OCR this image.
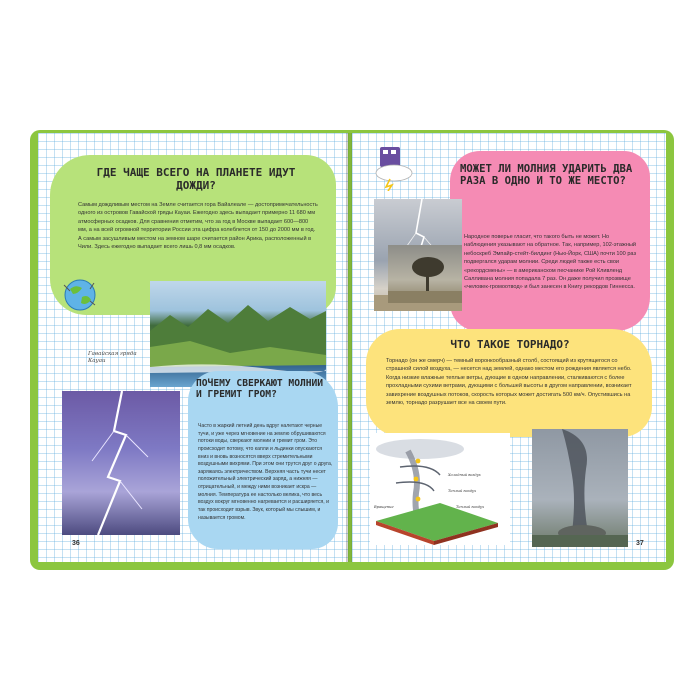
ГДЕ ЧАЩЕ ВСЕГО НА ПЛАНЕТЕ ИДУТ ДОЖДИ?
Самым дождливым местом на Земле считается гора Вайалеале — достопримечательность одного из островов Гавайской гряды Кауаи. Ежегодно здесь выпадает примерно 11 680 мм атмосферных осадков. Для сравнения отметим, что за год в Москве выпадает 600—800 мм, а на всей огромной территории России эта цифра колеблется от 150 до 2000 мм в год. А самым засушливым местом на земном шаре считается район Арика, расположенный в Чили. Здесь ежегодно выпадает всего лишь 0,8 мм осадков.
Гавайская гряда Кауаи
ПОЧЕМУ СВЕРКАЮТ МОЛНИИ И ГРЕМИТ ГРОМ?
Часто в жаркий летний день вдруг налетают черные тучи, и уже через мгновение на землю обрушиваются потоки воды, сверкают молнии и гремит гром. Это происходит потому, что капли и льдинки опускаются вниз и вновь возносятся вверх стремительными воздушными вихрями. При этом они трутся друг о друга, заряжаясь электричеством. Верхняя часть тучи несет положительный электрический заряд, а нижняя — отрицательный, и между ними возникает искра — молния. Температура ее настолько велика, что весь воздух вокруг мгновенно нагревается и расширяется, и так происходит взрыв. Звук, который мы слышим, и называется громом.
36
МОЖЕТ ЛИ МОЛНИЯ УДАРИТЬ ДВА РАЗА В ОДНО И ТО ЖЕ МЕСТО?
Народное поверье гласит, что такого быть не может. Но наблюдения указывают на обратное. Так, например, 102-этажный небоскреб Эмпайр-стейт-билдинг (Нью-Йорк, США) почти 100 раз подвергался ударам молнии. Среди людей также есть свои «рекордсмены» — в американском песчанике Рой Кливленд Салливана молния попадала 7 раз. Он даже получил прозвище «человек-громоотвод» и был занесен в Книгу рекордов Гиннесса.
ЧТО ТАКОЕ ТОРНАДО?
Торнадо (он же смерч) — темный воронкообразный столб, состоящий из крутящегося со страшной силой воздуха, — несется над землей, однако местом его рождения является небо. Когда низкие влажные теплые ветры, дующие в одном направлении, сталкиваются с более прохладными сухими ветрами, дующими с большей высоты в другом направлении, возникает завихрение воздушных потоков, скорость которых может достигать 500 км/ч. Опустившись на землю, торнадо разрушает все на своем пути.
Холодный воздух
Теплый воздух
Вращение	Теплый воздух
37
